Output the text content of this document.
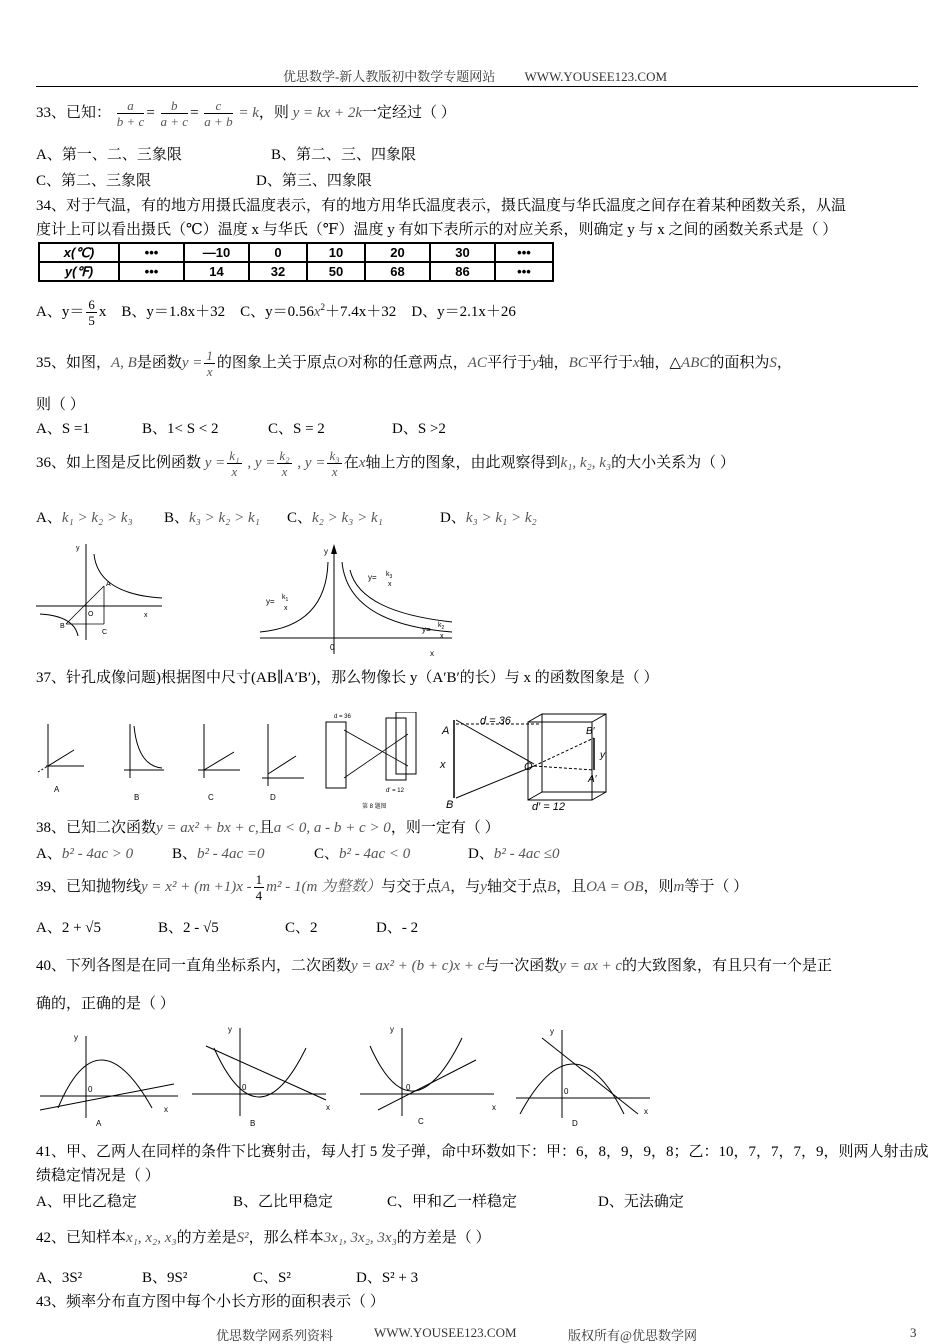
优思数学-新人教版初中数学专题网站 WWW.YOUSEE123.COM
33、已知： $\frac{a}{b + c} = \frac{b}{a + c} = \frac{c}{a + b} = k$，则 y = kx + 2k一定经过（ ）
A、第一、二、三象限	B、第二、三、四象限
C、第二、三象限	D、第三、四象限
34、对于气温，有的地方用摄氏温度表示，有的地方用华氏温度表示，摄氏温度与华氏温度之间存在着某种函数关系，从温
度计上可以看出摄氏（℃）温度 x 与华氏（℉）温度 y 有如下表所示的对应关系，则确定 y 与 x 之间的函数关系式是（ ）
x(℃)	•••	—10	0	10	20	30	•••
y(℉)	•••	14	32	50	68	86	•••
A、$y= \frac{6}{5}$ x B、y＝1.8x＋32 C、$y=0.56x^2+7.4x+32$ D、y＝2.1x＋26
35、如图，A, B是函数$y = \frac{1}{x}$ 的图象上关于原点O对称的任意两点，AC平行于y轴，BC平行于x轴，△ABC的面积为S，
则（ ）
A、S =1	B、1< S < 2	C、S = 2	D、S >2
36、如上图是反比例函数 $y = \frac{\text{k₁}}{x}$ , $y = \frac{\text{k₂}}{x}$ , $y = \frac{\text{k₃}}{x}$ 在x轴上方的图象，由此观察得到k₁, k₂, k₃的大小关系为（ ）
A、k₁ > k₂ > k₃ B、k₃ > k₂ > k₁ C、k₂ > k₃ > k₁	D、k₃ > k₁ > k₂
y
x
A
B
C
O
y
x
0
$y= k_1$
x
$y= k_3$
x
$y= k_2$
x
37、针孔成像问题)根据图中尺寸(AB∥A′B′)，那么物像长 y（A′B′的长）与 x 的函数图象是（ ）
A
B	C	D
d = 36
d′ = 12
第 8 题图
d = 36
d′ = 12
A
B
x	O
B′
A′
y
38、已知二次函数y = ax² + bx + c,且a < 0, a - b + c > 0，则一定有（ ）
A、b² - 4ac > 0	B、b² - 4ac =0	C、b² - 4ac < 0	D、b² - 4ac ≤0
39、已知抛物线$y = x^2 + (m +1)x - \frac{1}{4} m^2 - 1(m$ 为整数）与交于点A，与y轴交于点B，且OA = OB，则m等于（ ）
A、2 + √5	B、2 - √5	C、2	D、- 2
40、下列各图是在同一直角坐标系内，二次函数y = ax² + (b + c)x + c与一次函数y = ax + c的大致图象，有且只有一个是正
确的，正确的是（ ）
y
x
0
A
y
x
0
B
y
x
0
C
y
x
0
D
41、甲、乙两人在同样的条件下比赛射击，每人打 5 发子弹，命中环数如下：甲：6，8，9，9，8；乙：10，7，7，7，9，则两人射击成
绩稳定情况是（ ）
A、甲比乙稳定	B、乙比甲稳定	C、甲和乙一样稳定	D、无法确定
42、已知样本x₁, x₂, x₃的方差是S²，那么样本3x₁, 3x₂, 3x₃的方差是（ ）
A、3S²	B、9S²	C、S²	D、S² + 3
43、频率分布直方图中每个小长方形的面积表示（ ）
优思数学网系列资料	WWW.YOUSEE123.COM	版权所有@优思数学网	3
